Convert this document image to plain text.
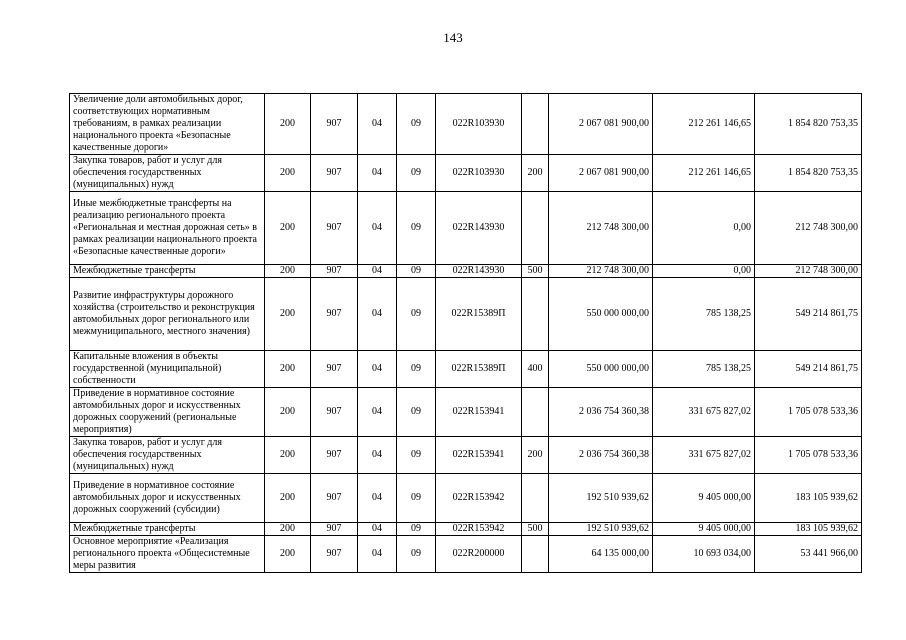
143
Увеличение доли автомобильных дорог, соответствующих нормативным требованиям, в рамках реализации национального проекта «Безопасные качественные дороги»	200	907	04	09	022R103930		2 067 081 900,00	212 261 146,65	1 854 820 753,35
Закупка товаров, работ и услуг для обеспечения государственных (муниципальных) нужд	200	907	04	09	022R103930	200	2 067 081 900,00	212 261 146,65	1 854 820 753,35
Иные межбюджетные трансферты на реализацию регионального проекта «Региональная и местная дорожная сеть» в рамках реализации национального проекта «Безопасные качественные дороги»	200	907	04	09	022R143930		212 748 300,00	0,00	212 748 300,00
Межбюджетные трансферты	200	907	04	09	022R143930	500	212 748 300,00	0,00	212 748 300,00
Развитие инфраструктуры дорожного хозяйства (строительство и реконструкция автомобильных дорог регионального или межмуниципального, местного значения)	200	907	04	09	022R15389П		550 000 000,00	785 138,25	549 214 861,75
Капитальные вложения в объекты государственной (муниципальной) собственности	200	907	04	09	022R15389П	400	550 000 000,00	785 138,25	549 214 861,75
Приведение в нормативное состояние автомобильных дорог и искусственных дорожных сооружений (региональные мероприятия)	200	907	04	09	022R153941		2 036 754 360,38	331 675 827,02	1 705 078 533,36
Закупка товаров, работ и услуг для обеспечения государственных (муниципальных) нужд	200	907	04	09	022R153941	200	2 036 754 360,38	331 675 827,02	1 705 078 533,36
Приведение в нормативное состояние автомобильных дорог и искусственных дорожных сооружений (субсидии)	200	907	04	09	022R153942		192 510 939,62	9 405 000,00	183 105 939,62
Межбюджетные трансферты	200	907	04	09	022R153942	500	192 510 939,62	9 405 000,00	183 105 939,62
Основное мероприятие «Реализация регионального проекта «Общесистемные меры развития	200	907	04	09	022R200000		64 135 000,00	10 693 034,00	53 441 966,00
